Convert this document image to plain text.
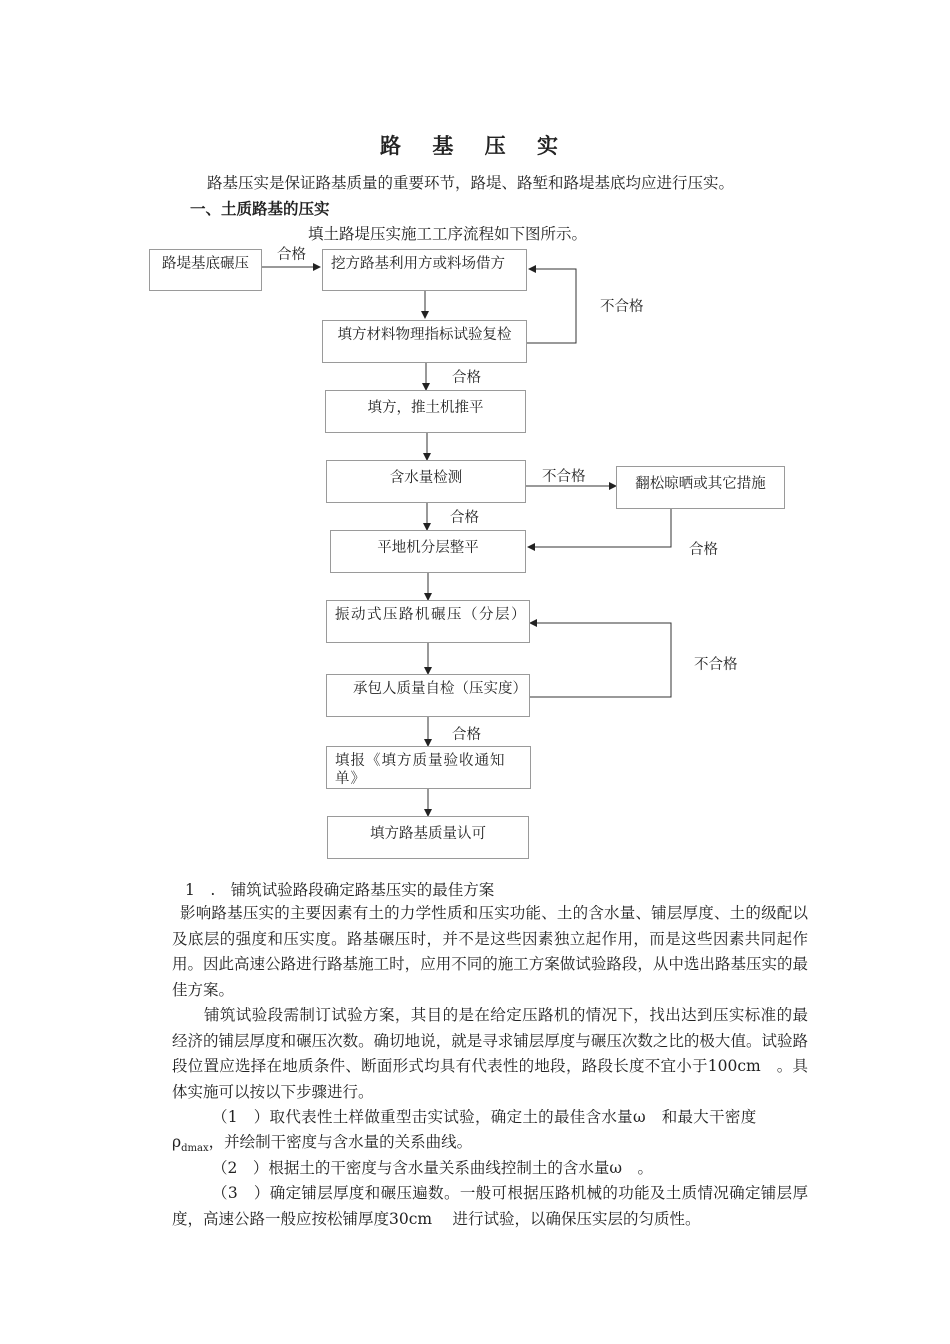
路 基 压 实
路基压实是保证路基质量的重要环节，路堤、路堑和路堤基底均应进行压实。
一、土质路基的压实
填土路堤压实施工工序流程如下图所示。
路堤基底碾压	挖方路基利用方或料场借方
填方材料物理指标试验复检
填方，推土机推平
含水量检测	翻松晾晒或其它措施
平地机分层整平
振动式压路机碾压（分层）
承包人质量自检（压实度）
填报《填方质量验收通知单》
填方路基质量认可
合格
不合格
合格
不合格
合格
合格
不合格
合格
1　.　铺筑试验路段确定路基压实的最佳方案
影响路基压实的主要因素有土的力学性质和压实功能、土的含水量、铺层厚度、土的级配以及底层的强度和压实度。路基碾压时，并不是这些因素独立起作用，而是这些因素共同起作用。因此高速公路进行路基施工时，应用不同的施工方案做试验路段，从中选出路基压实的最佳方案。
铺筑试验段需制订试验方案，其目的是在给定压路机的情况下，找出达到压实标准的最经济的铺层厚度和碾压次数。确切地说，就是寻求铺层厚度与碾压次数之比的极大值。试验路段位置应选择在地质条件、断面形式均具有代表性的地段，路段长度不宜小于100cm　。具体实施可以按以下步骤进行。
（1　）取代表性土样做重型击实试验，确定土的最佳含水量ω　和最大干密度
$\rho_{dmax}$，并绘制干密度与含水量的关系曲线。
（2　）根据土的干密度与含水量关系曲线控制土的含水量ω　。
（3　）确定铺层厚度和碾压遍数。一般可根据压路机械的功能及土质情况确定铺层厚度，高速公路一般应按松铺厚度30cm　 进行试验，以确保压实层的匀质性。
